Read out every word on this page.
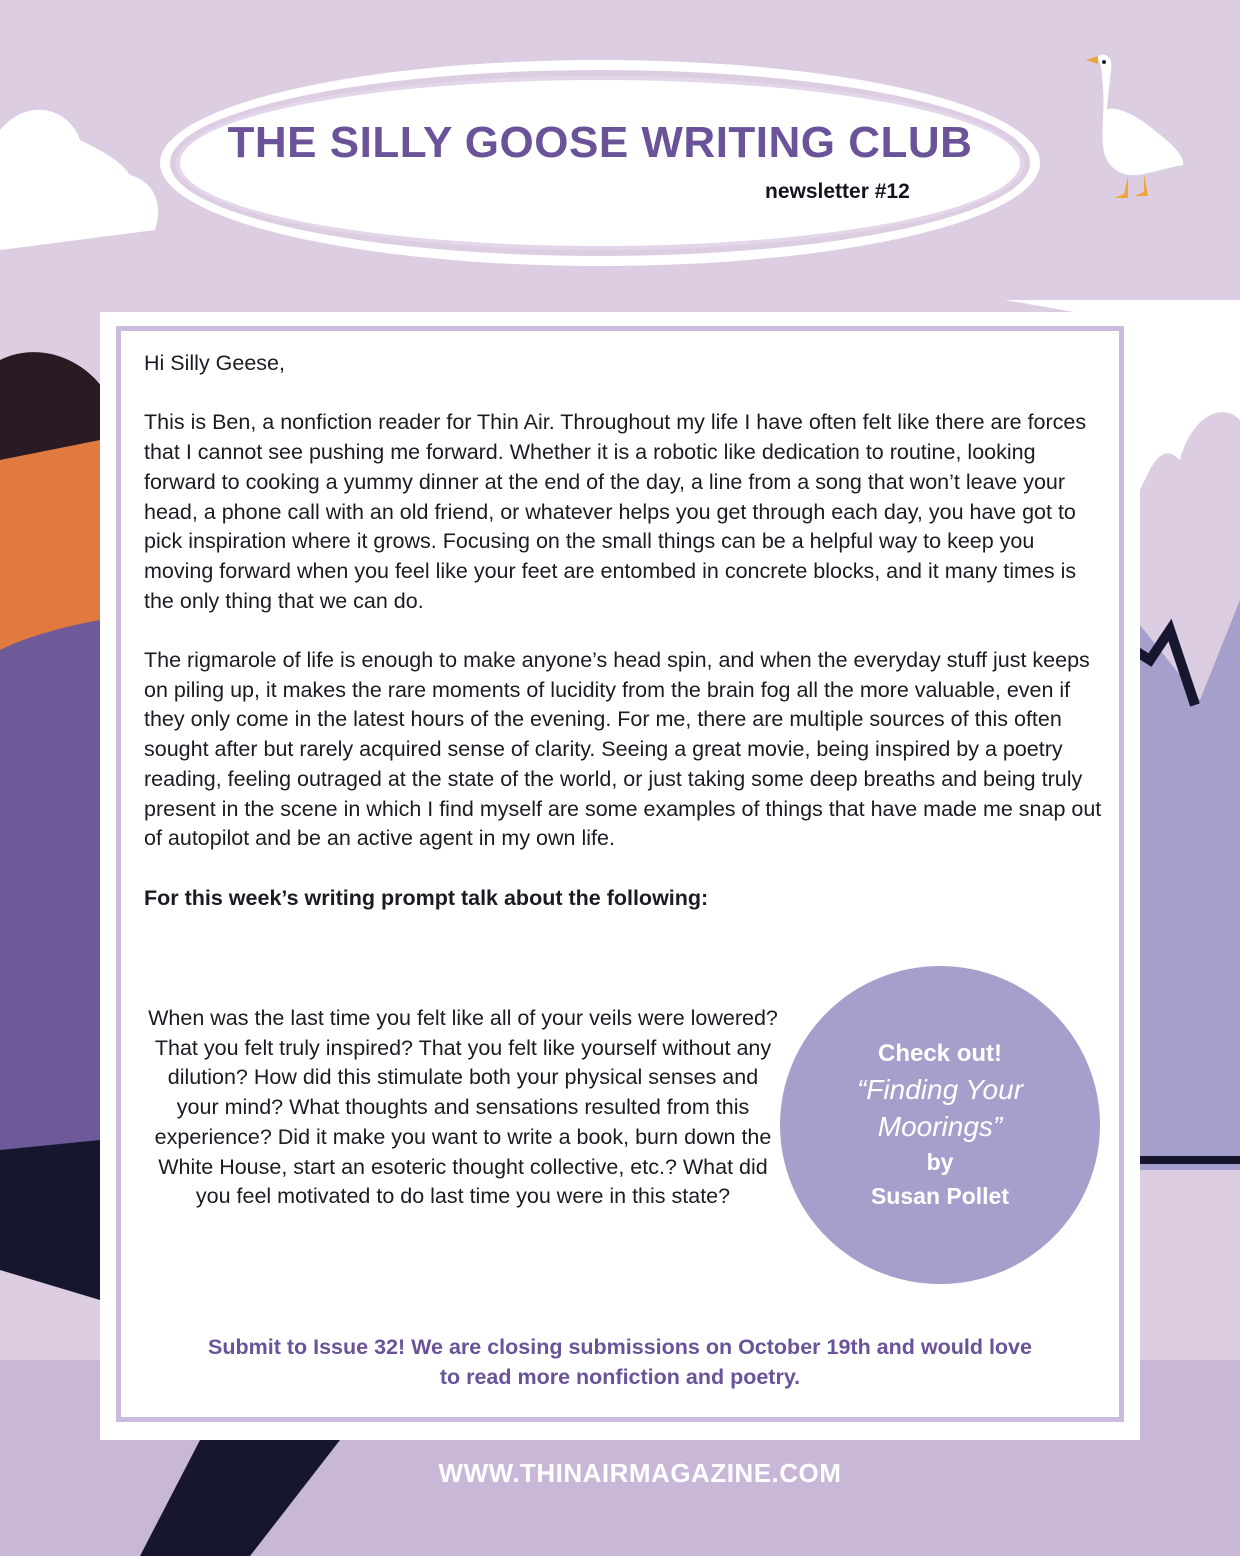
THE SILLY GOOSE WRITING CLUB

newsletter #12

Hi Silly Geese,

This is Ben, a nonfiction reader for Thin Air. Throughout my life I have often felt like there are forces that I cannot see pushing me forward. Whether it is a robotic like dedication to routine, looking forward to cooking a yummy dinner at the end of the day, a line from a song that won’t leave your head, a phone call with an old friend, or whatever helps you get through each day, you have got to pick inspiration where it grows. Focusing on the small things can be a helpful way to keep you moving forward when you feel like your feet are entombed in concrete blocks, and it many times is the only thing that we can do.

The rigmarole of life is enough to make anyone’s head spin, and when the everyday stuff just keeps on piling up, it makes the rare moments of lucidity from the brain fog all the more valuable, even if they only come in the latest hours of the evening. For me, there are multiple sources of this often sought after but rarely acquired sense of clarity. Seeing a great movie, being inspired by a poetry reading, feeling outraged at the state of the world, or just taking some deep breaths and being truly present in the scene in which I find myself are some examples of things that have made me snap out of autopilot and be an active agent in my own life.

For this week’s writing prompt talk about the following:

When was the last time you felt like all of your veils were lowered? That you felt truly inspired? That you felt like yourself without any dilution? How did this stimulate both your physical senses and your mind? What thoughts and sensations resulted from this experience? Did it make you want to write a book, burn down the White House, start an esoteric thought collective, etc.? What did you feel motivated to do last time you were in this state?
Check out!
“Finding Your Moorings”
by
Susan Pollet

Submit to Issue 32! We are closing submissions on October 19th and would love to read more nonfiction and poetry.

WWW.THINAIRMAGAZINE.COM
